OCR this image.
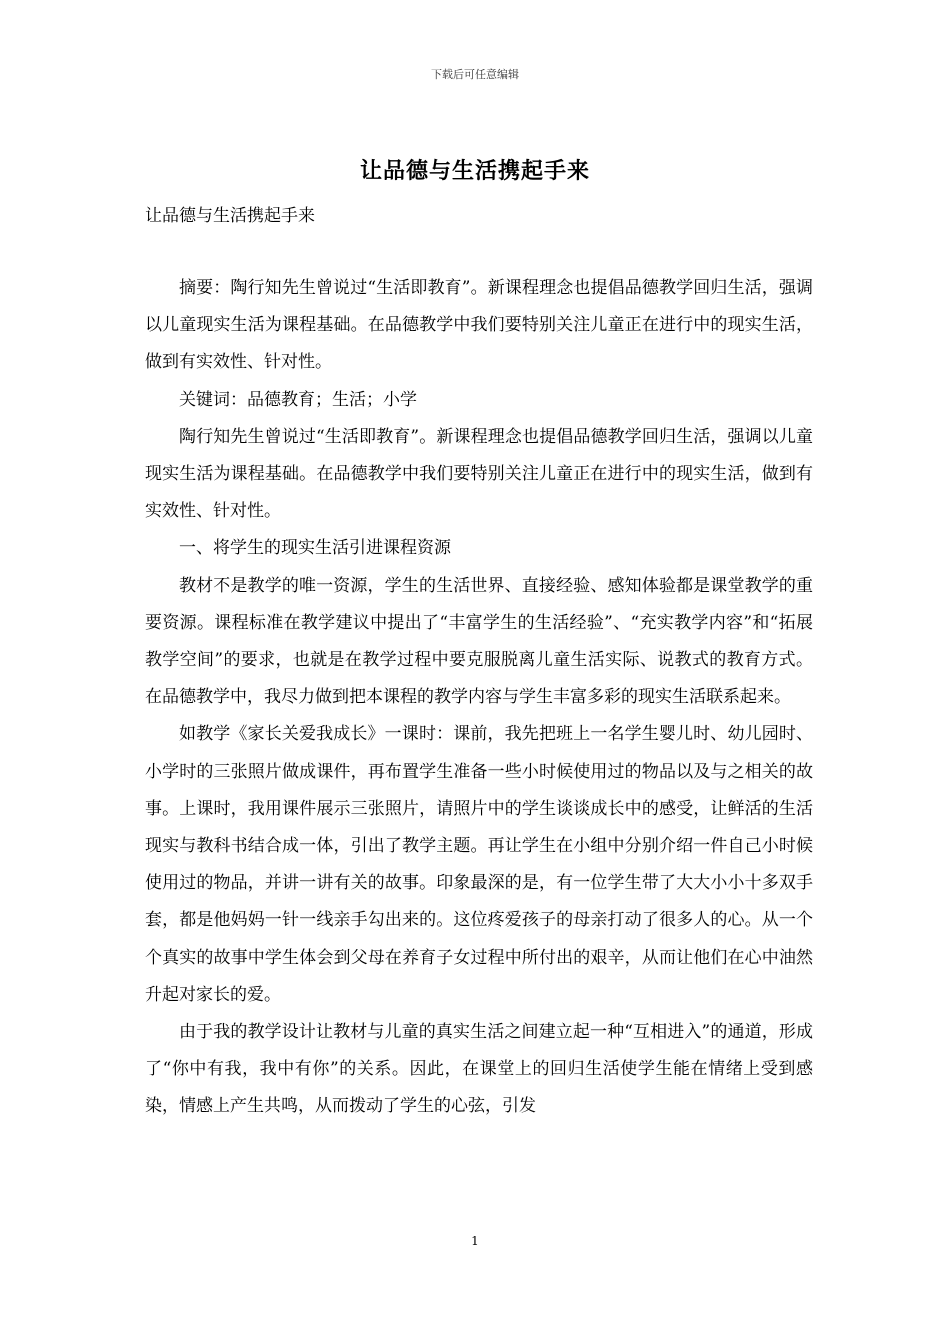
下载后可任意编辑
让品德与生活携起手来
让品德与生活携起手来

摘要：陶行知先生曾说过“生活即教育”。新课程理念也提倡品德教学回归生活，强调以儿童现实生活为课程基础。在品德教学中我们要特别关注儿童正在进行中的现实生活，做到有实效性、针对性。

关键词：品德教育；生活；小学

陶行知先生曾说过“生活即教育”。新课程理念也提倡品德教学回归生活，强调以儿童现实生活为课程基础。在品德教学中我们要特别关注儿童正在进行中的现实生活，做到有实效性、针对性。

一、将学生的现实生活引进课程资源

教材不是教学的唯一资源，学生的生活世界、直接经验、感知体验都是课堂教学的重要资源。课程标准在教学建议中提出了“丰富学生的生活经验”、“充实教学内容”和“拓展教学空间”的要求，也就是在教学过程中要克服脱离儿童生活实际、说教式的教育方式。在品德教学中，我尽力做到把本课程的教学内容与学生丰富多彩的现实生活联系起来。

如教学《家长关爱我成长》一课时：课前，我先把班上一名学生婴儿时、幼儿园时、小学时的三张照片做成课件，再布置学生准备一些小时候使用过的物品以及与之相关的故事。上课时，我用课件展示三张照片，请照片中的学生谈谈成长中的感受，让鲜活的生活现实与教科书结合成一体，引出了教学主题。再让学生在小组中分别介绍一件自己小时候使用过的物品，并讲一讲有关的故事。印象最深的是，有一位学生带了大大小小十多双手套，都是他妈妈一针一线亲手勾出来的。这位疼爱孩子的母亲打动了很多人的心。从一个个真实的故事中学生体会到父母在养育子女过程中所付出的艰辛，从而让他们在心中油然升起对家长的爱。

由于我的教学设计让教材与儿童的真实生活之间建立起一种“互相进入”的通道，形成了“你中有我，我中有你”的关系。因此，在课堂上的回归生活使学生能在情绪上受到感染，情感上产生共鸣，从而拨动了学生的心弦，引发

1
